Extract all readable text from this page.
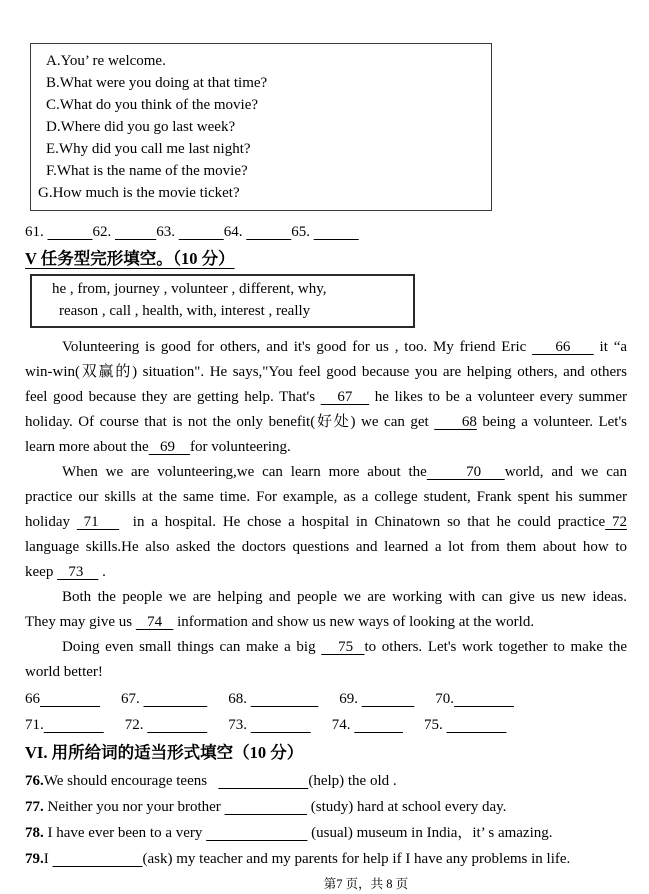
A.You’ re welcome.
B.What were you doing at that time?
C.What do you think of the movie?
D.Where did you go last week?
E.Why did you call me last night?
F.What is the name of the movie?
G.How much is the movie ticket?
61.	62.	63.	64.	65.
V 任务型完形填空。（10 分）
he , from, journey , volunteer , different, why,
reason , call , health, with, interest , really
Volunteering is good for others, and it's good for us , too. My friend Eric     66     it “a
win-win(双赢的) situation". He says,"You feel good because you are helping others, and others
feel good because they are getting help. That's    67    he likes to be a volunteer every summer
holiday. Of course that is not the only benefit(好处) we can get      68 being a volunteer. Let's
learn more about the   69    for volunteering.
When we are volunteering,we can learn more about the     70   world, and we can
practice our skills at the same time. For example, as a college student, Frank spent his summer
holiday  71     in a hospital. He chose a hospital in Chinatown so that he could practice 72
language skills.He also asked the doctors questions and learned a lot from them about how to
keep    73     .
Both the people we are helping and people we are working with can give us new ideas.
They may give us    74    information and show us new ways of looking at the world.
Doing even small things can make a big    75  to others. Let's work together to make the
world better!
66	67.	68.	69.	70.
71.	72.	73.	74.	75.
VI. 用所给词的适当形式填空（10 分）
76.We should encourage teens	(help) the old .
77. Neither you nor your brother	(study) hard at school every day.
78. I have ever been to a very	(usual) museum in India，it’ s amazing.
79.I	(ask) my teacher and my parents for help if I have any problems in life.
第7 页，共 8 页
